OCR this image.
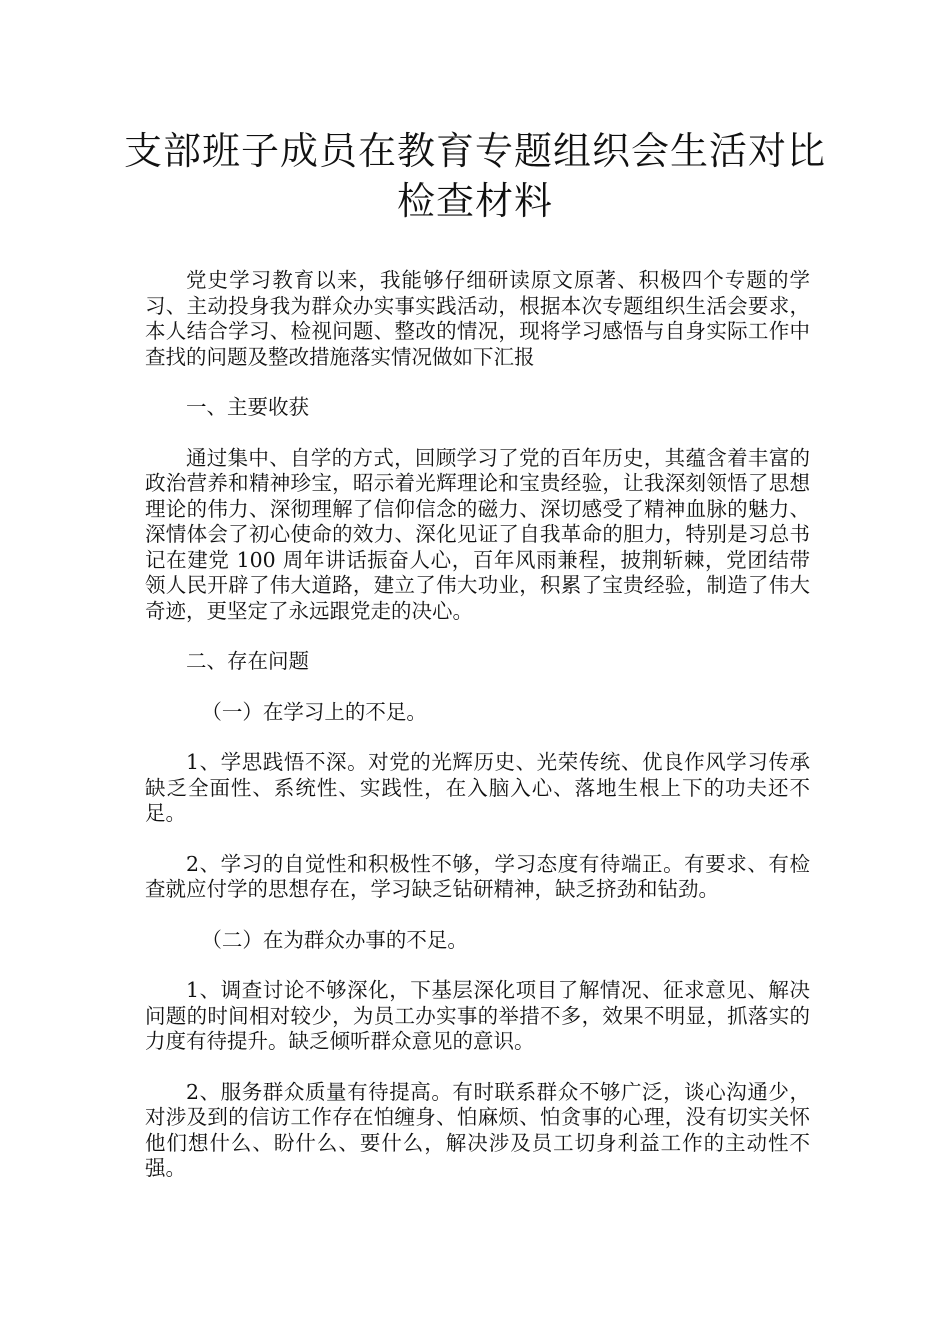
支部班子成员在教育专题组织会生活对比
检查材料

党史学习教育以来，我能够仔细研读原文原著、积极四个专题的学习、主动投身我为群众办实事实践活动，根据本次专题组织生活会要求，本人结合学习、检视问题、整改的情况，现将学习感悟与自身实际工作中查找的问题及整改措施落实情况做如下汇报

一、主要收获

通过集中、自学的方式，回顾学习了党的百年历史，其蕴含着丰富的政治营养和精神珍宝，昭示着光辉理论和宝贵经验，让我深刻领悟了思想理论的伟力、深彻理解了信仰信念的磁力、深切感受了精神血脉的魅力、深情体会了初心使命的效力、深化见证了自我革命的胆力，特别是习总书记在建党 100 周年讲话振奋人心，百年风雨兼程，披荆斩棘，党团结带领人民开辟了伟大道路，建立了伟大功业，积累了宝贵经验，制造了伟大奇迹，更坚定了永远跟党走的决心。

二、存在问题

（一）在学习上的不足。

1、学思践悟不深。对党的光辉历史、光荣传统、优良作风学习传承缺乏全面性、系统性、实践性，在入脑入心、落地生根上下的功夫还不足。

2、学习的自觉性和积极性不够，学习态度有待端正。有要求、有检查就应付学的思想存在，学习缺乏钻研精神，缺乏挤劲和钻劲。

（二）在为群众办事的不足。

1、调查讨论不够深化，下基层深化项目了解情况、征求意见、解决问题的时间相对较少，为员工办实事的举措不多，效果不明显，抓落实的力度有待提升。缺乏倾听群众意见的意识。

2、服务群众质量有待提高。有时联系群众不够广泛，谈心沟通少，对涉及到的信访工作存在怕缠身、怕麻烦、怕贪事的心理，没有切实关怀他们想什么、盼什么、要什么，解决涉及员工切身利益工作的主动性不强。
